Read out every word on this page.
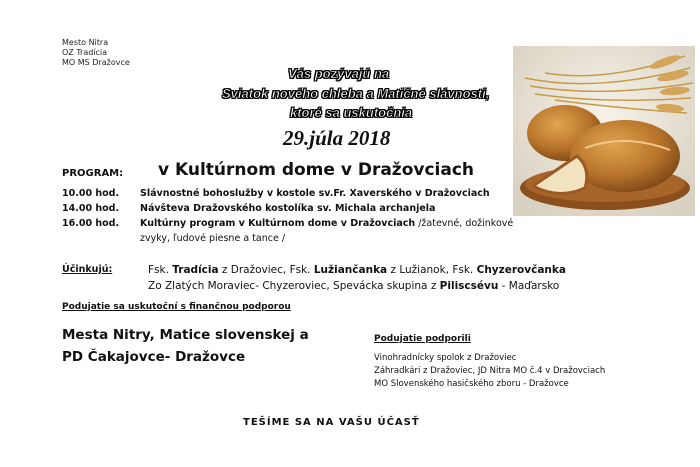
Mesto Nitra
OZ Tradícia
MO MS Dražovce
Vás pozývajú na
Sviatok nového chleba a Matičné slávnosti,
ktoré sa uskutočnia
29.júla 2018
PROGRAM: v Kultúrnom dome v Dražovciach
10.00 hod. Slávnostné bohoslužby v kostole sv.Fr. Xaverského v Dražovciach
14.00 hod. Návšteva Dražovského kostolíka sv. Michala archanjela
16.00 hod. Kultúrny program v Kultúrnom dome v Dražovciach /žatevné, dožinkové
zvyky, ľudové piesne a tance /
Účinkujú:	Fsk. Tradícia z Dražoviec, Fsk. Lužiančanka z Lužianok, Fsk. Chyzerovčanka
Zo Zlatých Moraviec- Chyzeroviec, Spevácka skupina z Piliscsévu - Maďarsko
Podujatie sa uskutoční s finančnou podporou
Mesta Nitry, Matice slovenskej a
PD Čakajovce- Dražovce
Podujatie podporili
Vinohradnícky spolok z Dražoviec
Záhradkári z Dražoviec, JD Nitra MO č.4 v Dražovciach
MO Slovenského hasičského zboru - Dražovce
TEŠÍME SA NA VAŠU ÚČASŤ
